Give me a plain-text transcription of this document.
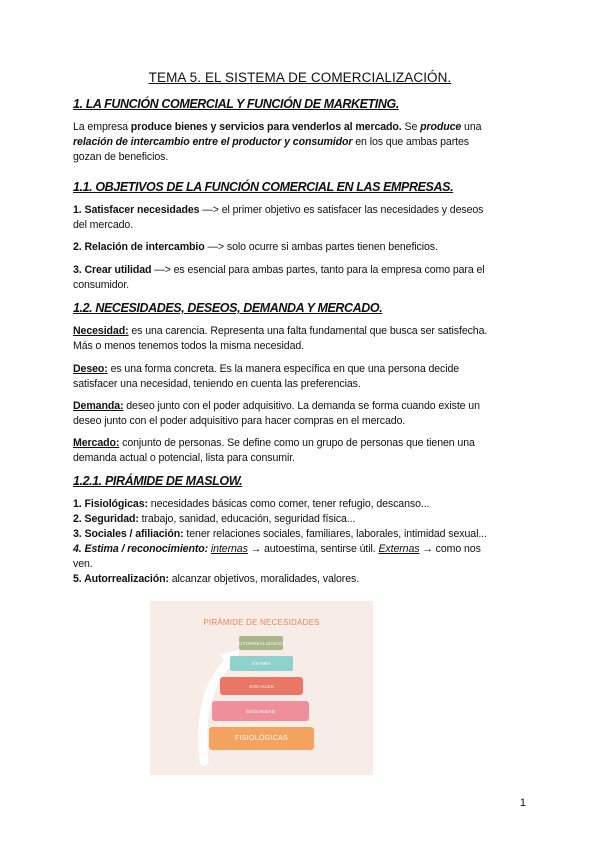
TEMA 5. EL SISTEMA DE COMERCIALIZACIÓN.
1. LA FUNCIÓN COMERCIAL Y FUNCIÓN DE MARKETING.
La empresa produce bienes y servicios para venderlos al mercado. Se produce una
relación de intercambio entre el productor y consumidor en los que ambas partes
gozan de beneficios.
1.1. OBJETIVOS DE LA FUNCIÓN COMERCIAL EN LAS EMPRESAS.
1. Satisfacer necesidades —> el primer objetivo es satisfacer las necesidades y deseos
del mercado.
2. Relación de intercambio —> solo ocurre si ambas partes tienen beneficios.
3. Crear utilidad —> es esencial para ambas partes, tanto para la empresa como para el
consumidor.
1.2. NECESIDADES, DESEOS, DEMANDA Y MERCADO.
Necesidad: es una carencia. Representa una falta fundamental que busca ser satisfecha.
Más o menos tenemos todos la misma necesidad.
Deseo: es una forma concreta. Es la manera específica en que una persona decide
satisfacer una necesidad, teniendo en cuenta las preferencias.
Demanda: deseo junto con el poder adquisitivo. La demanda se forma cuando existe un
deseo junto con el poder adquisitivo para hacer compras en el mercado.
Mercado: conjunto de personas. Se define como un grupo de personas que tienen una
demanda actual o potencial, lista para consumir.
1.2.1. PIRÁMIDE DE MASLOW.
1. Fisiológicas: necesidades básicas como comer, tener refugio, descanso...
2. Seguridad: trabajo, sanidad, educación, seguridad física...
3. Sociales / afiliación: tener relaciones sociales, familiares, laborales, intimidad sexual...
4. Estima / reconocimiento: internas → autoestima, sentirse útil. Externas → como nos
ven.
5. Autorrealización: alcanzar objetivos, moralidades, valores.
PIRÁMIDE DE NECESIDADES
AUTORREALIZACIÓN
ESTIMA
SOCIALES
SEGURIDAD
FISIOLÓGICAS
1
